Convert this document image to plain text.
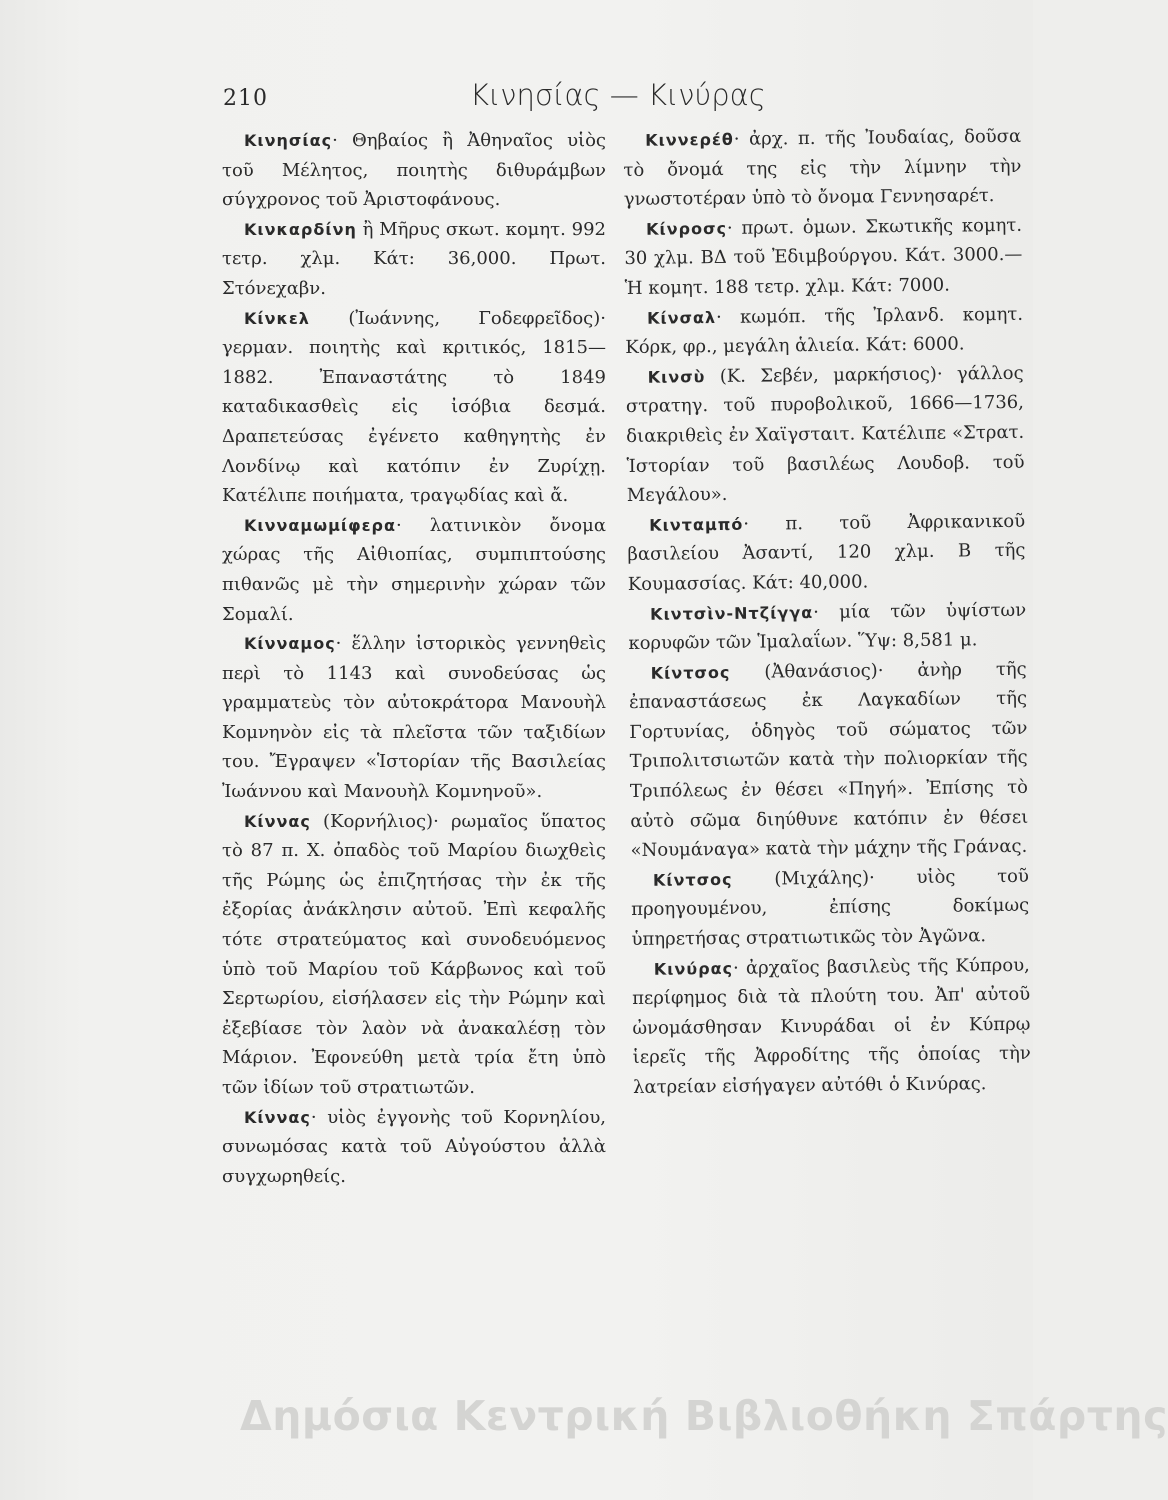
210	Κινησίας — Κινύρας

Κινησίας· Θηβαίος ἢ Ἀθηναῖος υἱὸς τοῦ Μέλητος, ποιητὴς διθυράμβων σύγχρονος τοῦ Ἀριστοφάνους.

Κινκαρδίνη ἢ Μῆρυς σκωτ. κομητ. 992 τετρ. χλμ. Κάτ: 36,000. Πρωτ. Στόνεχαβν.

Κίνκελ (Ἰωάννης, Γοδεφρεῖδος)· γερμαν. ποιητὴς καὶ κριτικός, 1815—1882. Ἐπαναστάτης τὸ 1849 καταδικασθεὶς εἰς ἰσόβια δεσμά. Δραπετεύσας ἐγένετο καθηγητὴς ἐν Λονδίνῳ καὶ κατόπιν ἐν Ζυρίχῃ. Κατέλιπε ποιήματα, τραγῳδίας καὶ ἄ.

Κινναμωμίφερα· λατινικὸν ὄνομα χώρας τῆς Αἰθιοπίας, συμπιπτούσης πιθανῶς μὲ τὴν σημερινὴν χώραν τῶν Σομαλί.

Κίνναμος· ἕλλην ἱστορικὸς γεννηθεὶς περὶ τὸ 1143 καὶ συνοδεύσας ὡς γραμματεὺς τὸν αὐτοκράτορα Μανουὴλ Κομνηνὸν εἰς τὰ πλεῖστα τῶν ταξιδίων του. Ἔγραψεν «Ἱστορίαν τῆς Βασιλείας Ἰωάννου καὶ Μανουὴλ Κομνηνοῦ».

Κίννας (Κορνήλιος)· ρωμαῖος ὕπατος τὸ 87 π. Χ. ὀπαδὸς τοῦ Μαρίου διωχθεὶς τῆς Ρώμης ὡς ἐπιζητήσας τὴν ἐκ τῆς ἐξορίας ἀνάκλησιν αὐτοῦ. Ἐπὶ κεφαλῆς τότε στρατεύματος καὶ συνοδευόμενος ὑπὸ τοῦ Μαρίου τοῦ Κάρβωνος καὶ τοῦ Σερτωρίου, εἰσήλασεν εἰς τὴν Ρώμην καὶ ἐξεβίασε τὸν λαὸν νὰ ἀνακαλέσῃ τὸν Μάριον. Ἐφονεύθη μετὰ τρία ἔτη ὑπὸ τῶν ἰδίων τοῦ στρατιωτῶν.

Κίννας· υἱὸς ἐγγονὴς τοῦ Κορνηλίου, συνωμόσας κατὰ τοῦ Αὐγούστου ἀλλὰ συγχωρηθείς.

Κιννερέθ· ἀρχ. π. τῆς Ἰουδαίας, δοῦσα τὸ ὄνομά της εἰς τὴν λίμνην τὴν γνωστοτέραν ὑπὸ τὸ ὄνομα Γεννησαρέτ.

Κίνροσς· πρωτ. ὁμων. Σκωτικῆς κομητ. 30 χλμ. ΒΔ τοῦ Ἐδιμβούργου. Κάτ. 3000.—Ἡ κομητ. 188 τετρ. χλμ. Κάτ: 7000.

Κίνσαλ· κωμόπ. τῆς Ἰρλανδ. κομητ. Κόρκ, φρ., μεγάλη ἁλιεία. Κάτ: 6000.

Κινσὺ (Κ. Σεβέν, μαρκήσιος)· γάλλος στρατηγ. τοῦ πυροβολικοῦ, 1666—1736, διακριθεὶς ἐν Χαϊγσταιτ. Κατέλιπε «Στρατ. Ἱστορίαν τοῦ βασιλέως Λουδοβ. τοῦ Μεγάλου».

Κινταμπό· π. τοῦ Ἀφρικανικοῦ βασιλείου Ἀσαντί, 120 χλμ. Β τῆς Κουμασσίας. Κάτ: 40,000.

Κιντσὶν-Ντζίγγα· μία τῶν ὑψίστων κορυφῶν τῶν Ἱμαλαΐων. Ὕψ: 8,581 μ.

Κίντσος (Ἀθανάσιος)· ἀνὴρ τῆς ἐπαναστάσεως ἐκ Λαγκαδίων τῆς Γορτυνίας, ὁδηγὸς τοῦ σώματος τῶν Τριπολιτσιωτῶν κατὰ τὴν πολιορκίαν τῆς Τριπόλεως ἐν θέσει «Πηγή». Ἐπίσης τὸ αὐτὸ σῶμα διηύθυνε κατόπιν ἐν θέσει «Νουμάναγα» κατὰ τὴν μάχην τῆς Γράνας.

Κίντσος (Μιχάλης)· υἱὸς τοῦ προηγουμένου, ἐπίσης δοκίμως ὑπηρετήσας στρατιωτικῶς τὸν Ἀγῶνα.

Κινύρας· ἀρχαῖος βασιλεὺς τῆς Κύπρου, περίφημος διὰ τὰ πλούτη του. Ἀπ' αὐτοῦ ὠνομάσθησαν Κινυράδαι οἱ ἐν Κύπρῳ ἱερεῖς τῆς Ἀφροδίτης τῆς ὁποίας τὴν λατρείαν εἰσήγαγεν αὐτόθι ὁ Κινύρας.

Δημόσια Κεντρική Βιβλιοθήκη Σπάρτης
